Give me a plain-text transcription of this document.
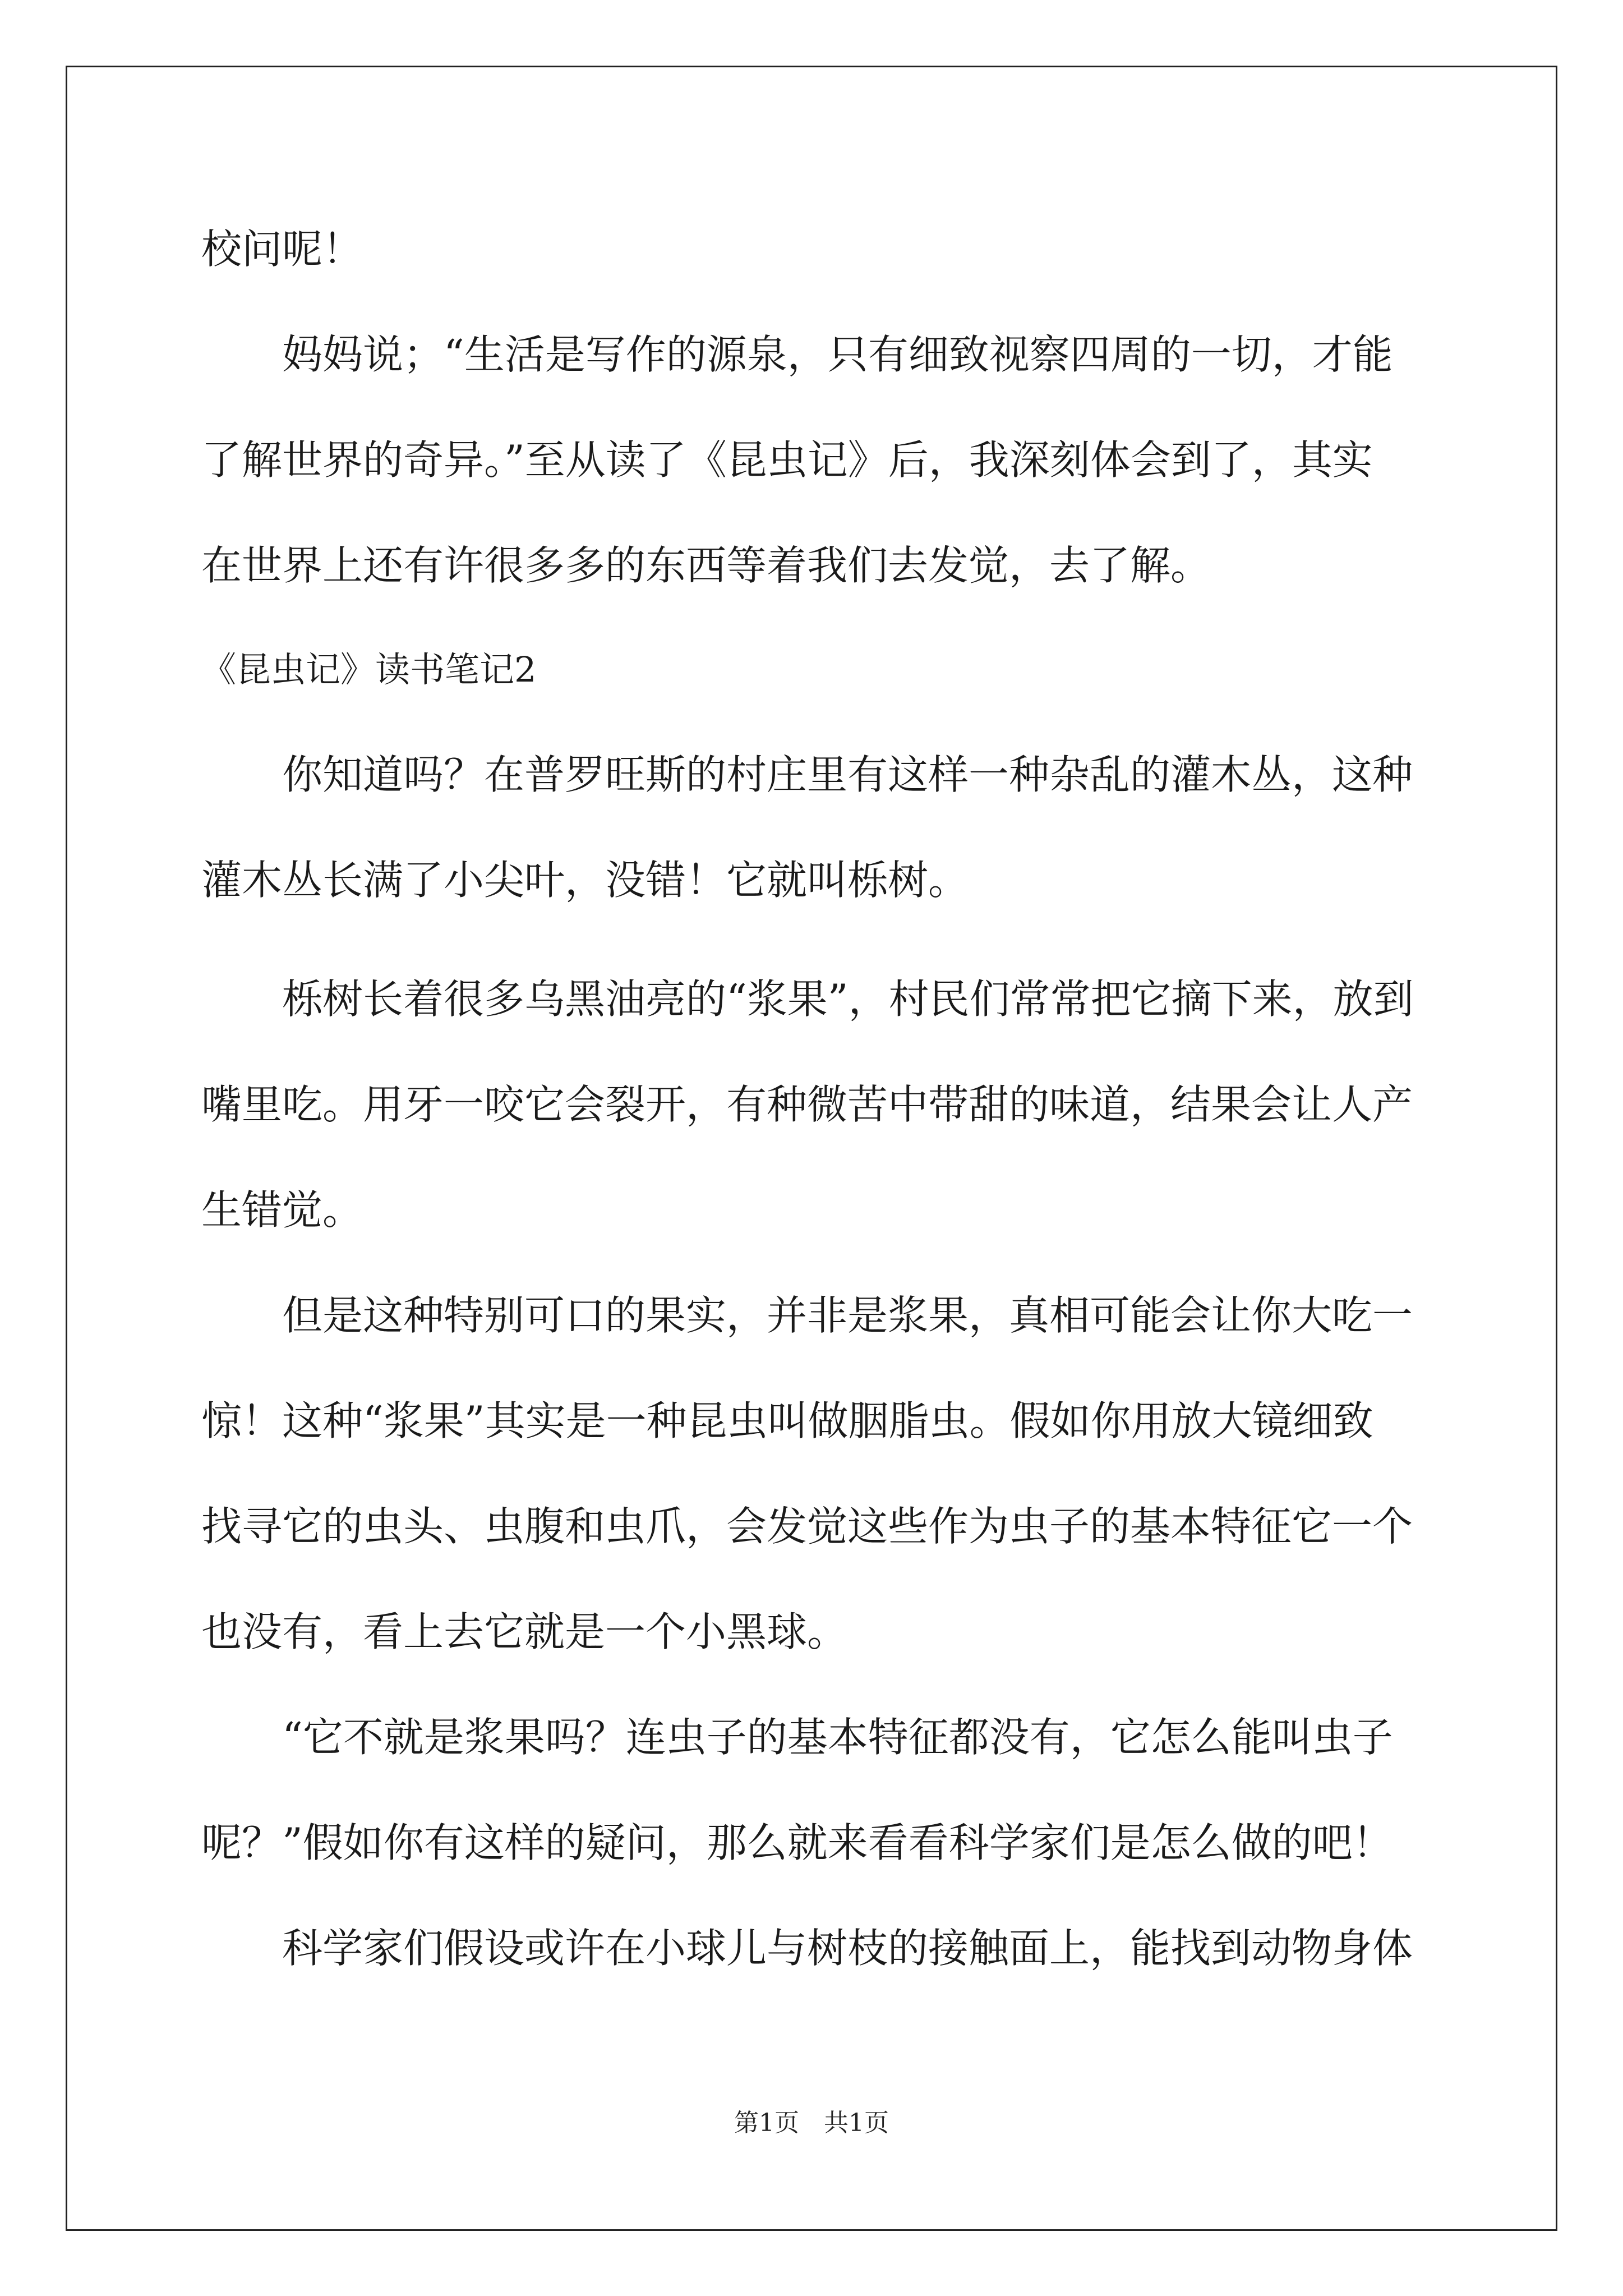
校问呢！
妈妈说；“生活是写作的源泉，只有细致视察四周的一切，才能
了解世界的奇异。”至从读了《昆虫记》后，我深刻体会到了，其实
在世界上还有许很多多的东西等着我们去发觉，去了解。
《昆虫记》读书笔记2
你知道吗？在普罗旺斯的村庄里有这样一种杂乱的灌木丛，这种
灌木丛长满了小尖叶，没错！它就叫栎树。
栎树长着很多乌黑油亮的“浆果”，村民们常常把它摘下来，放到
嘴里吃。用牙一咬它会裂开，有种微苦中带甜的味道，结果会让人产
生错觉。
但是这种特别可口的果实，并非是浆果，真相可能会让你大吃一
惊！这种“浆果”其实是一种昆虫叫做胭脂虫。假如你用放大镜细致
找寻它的虫头、虫腹和虫爪，会发觉这些作为虫子的基本特征它一个
也没有，看上去它就是一个小黑球。
“它不就是浆果吗？连虫子的基本特征都没有，它怎么能叫虫子
呢？”假如你有这样的疑问，那么就来看看科学家们是怎么做的吧！
科学家们假设或许在小球儿与树枝的接触面上，能找到动物身体
第1页 共1页
